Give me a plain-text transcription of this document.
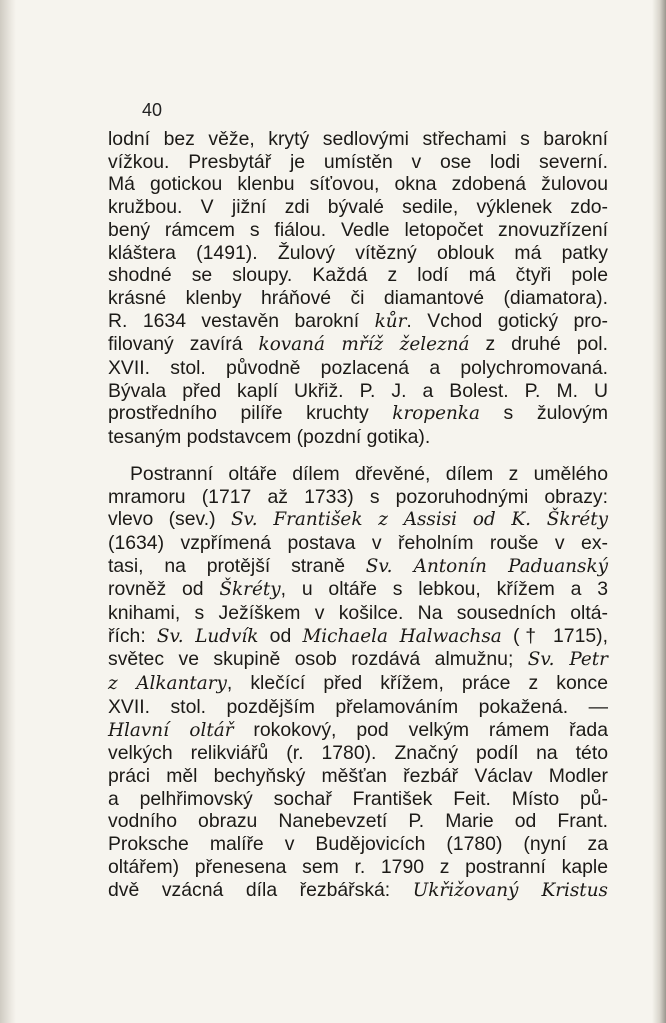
40
lodní bez věže, krytý sedlovými střechami s barokní
vížkou. Presbytář je umístěn v ose lodi severní.
Má gotickou klenbu síťovou, okna zdobená žulovou
kružbou. V jižní zdi bývalé sedile, výklenek zdo-
bený rámcem s fiálou. Vedle letopočet znovuzřízení
kláštera (1491). Žulový vítězný oblouk má patky
shodné se sloupy. Každá z lodí má čtyři pole
krásné klenby hráňové či diamantové (diamatora).
R. 1634 vestavěn barokní kůr. Vchod gotický pro-
filovaný zavírá kovaná mříž železná z druhé pol.
XVII. stol. původně pozlacená a polychromovaná.
Bývala před kaplí Ukřiž. P. J. a Bolest. P. M. U
prostředního pilíře kruchty kropenka s žulovým
tesaným podstavcem (pozdní gotika).
Postranní oltáře dílem dřevěné, dílem z umělého
mramoru (1717 až 1733) s pozoruhodnými obrazy:
vlevo (sev.) Sv. František z Assisi od K. Škréty
(1634) vzpřímená postava v řeholním rouše v ex-
tasi, na protější straně Sv. Antonín Paduanský
rovněž od Škréty, u oltáře s lebkou, křížem a 3
knihami, s Ježíškem v košilce. Na sousedních oltá-
řích: Sv. Ludvík od Michaela Halwachsa († 1715),
světec ve skupině osob rozdává almužnu; Sv. Petr
z Alkantary, klečící před křížem, práce z konce
XVII. stol. pozdějším přelamováním pokažená. —
Hlavní oltář rokokový, pod velkým rámem řada
velkých relikviářů (r. 1780). Značný podíl na této
práci měl bechyňský měšťan řezbář Václav Modler
a pelhřimovský sochař František Feit. Místo pů-
vodního obrazu Nanebevzetí P. Marie od Frant.
Proksche malíře v Budějovicích (1780) (nyní za
oltářem) přenesena sem r. 1790 z postranní kaple
dvě vzácná díla řezbářská: Ukřižovaný Kristus
